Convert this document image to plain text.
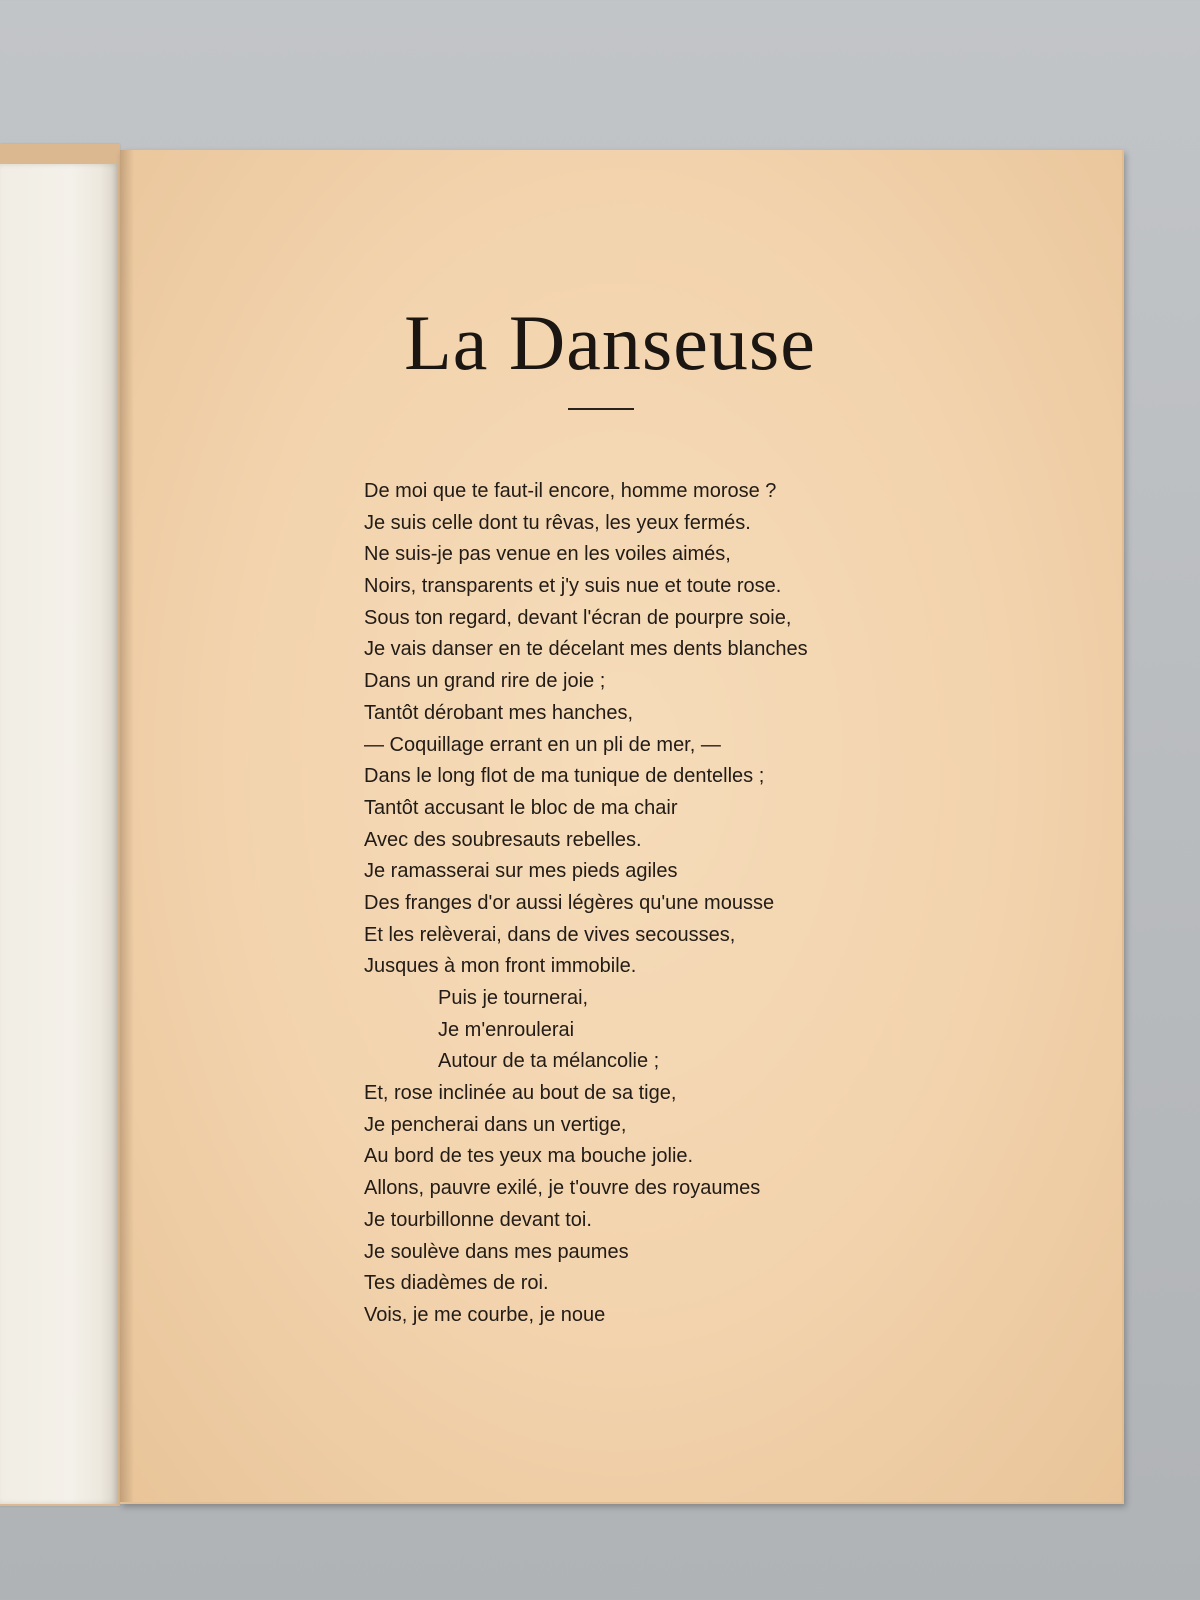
La Danseuse
De moi que te faut-il encore, homme morose ?
Je suis celle dont tu rêvas, les yeux fermés.
Ne suis-je pas venue en les voiles aimés,
Noirs, transparents et j'y suis nue et toute rose.
Sous ton regard, devant l'écran de pourpre soie,
Je vais danser en te décelant mes dents blanches
Dans un grand rire de joie ;
Tantôt dérobant mes hanches,
— Coquillage errant en un pli de mer, —
Dans le long flot de ma tunique de dentelles ;
Tantôt accusant le bloc de ma chair
Avec des soubresauts rebelles.
Je ramasserai sur mes pieds agiles
Des franges d'or aussi légères qu'une mousse
Et les relèverai, dans de vives secousses,
Jusques à mon front immobile.
Puis je tournerai,
Je m'enroulerai
Autour de ta mélancolie ;
Et, rose inclinée au bout de sa tige,
Je pencherai dans un vertige,
Au bord de tes yeux ma bouche jolie.
Allons, pauvre exilé, je t'ouvre des royaumes
Je tourbillonne devant toi.
Je soulève dans mes paumes
Tes diadèmes de roi.
Vois, je me courbe, je noue
